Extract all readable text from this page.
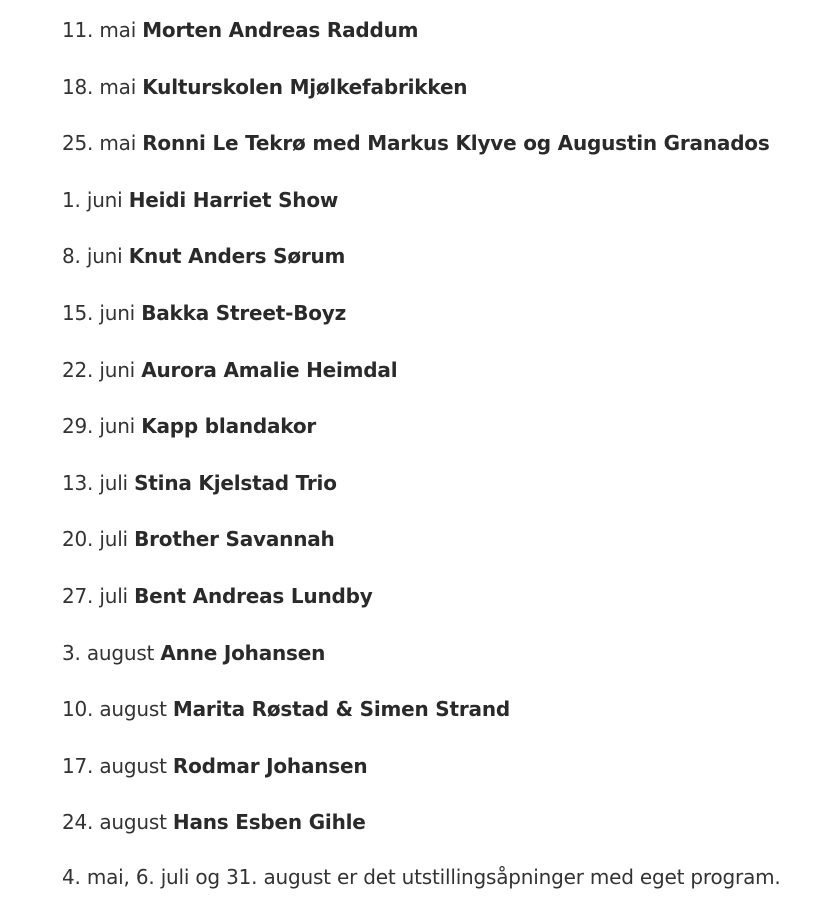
11. mai Morten Andreas Raddum
18. mai Kulturskolen Mjølkefabrikken
25. mai Ronni Le Tekrø med Markus Klyve og Augustin Granados
1. juni Heidi Harriet Show
8. juni Knut Anders Sørum
15. juni Bakka Street-Boyz
22. juni Aurora Amalie Heimdal
29. juni Kapp blandakor
13. juli Stina Kjelstad Trio
20. juli Brother Savannah
27. juli Bent Andreas Lundby
3. august Anne Johansen
10. august Marita Røstad & Simen Strand
17. august Rodmar Johansen
24. august Hans Esben Gihle

4. mai, 6. juli og 31. august er det utstillingsåpninger med eget program.
